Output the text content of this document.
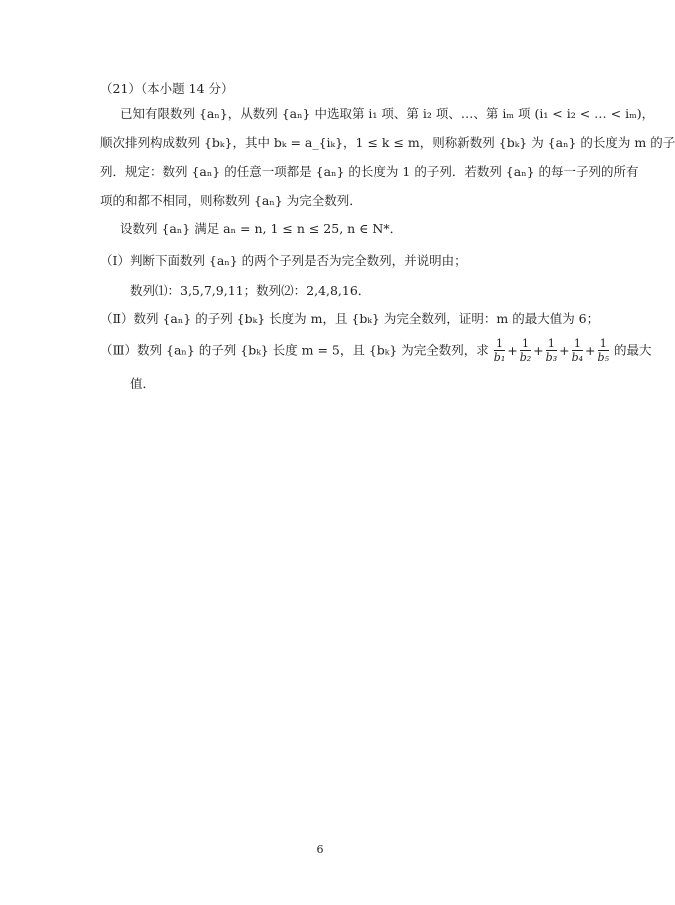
（21）（本小题 14 分）
已知有限数列 {aₙ}，从数列 {aₙ} 中选取第 i₁ 项、第 i₂ 项、…、第 iₘ 项 (i₁ < i₂ < … < iₘ)，
顺次排列构成数列 {bₖ}，其中 bₖ = a_{iₖ}，1 ≤ k ≤ m，则称新数列 {bₖ} 为 {aₙ} 的长度为 m 的子
列．规定：数列 {aₙ} 的任意一项都是 {aₙ} 的长度为 1 的子列．若数列 {aₙ} 的每一子列的所有
项的和都不相同，则称数列 {aₙ} 为完全数列．
设数列 {aₙ} 满足 aₙ = n, 1 ≤ n ≤ 25, n ∈ N*．
（Ⅰ）判断下面数列 {aₙ} 的两个子列是否为完全数列，并说明由；
数列⑴：3,5,7,9,11；数列⑵：2,4,8,16．
（Ⅱ）数列 {aₙ} 的子列 {bₖ} 长度为 m，且 {bₖ} 为完全数列，证明：m 的最大值为 6；
（Ⅲ）数列 {aₙ} 的子列 {bₖ} 长度 m = 5，且 {bₖ} 为完全数列，求 $\frac{1}{\text{b₁}} + \frac{1}{\text{b₂}} + \frac{1}{\text{b₃}} + \frac{1}{\text{b₄}} + \frac{1}{\text{b₅}}$ 的最大
值．
6
